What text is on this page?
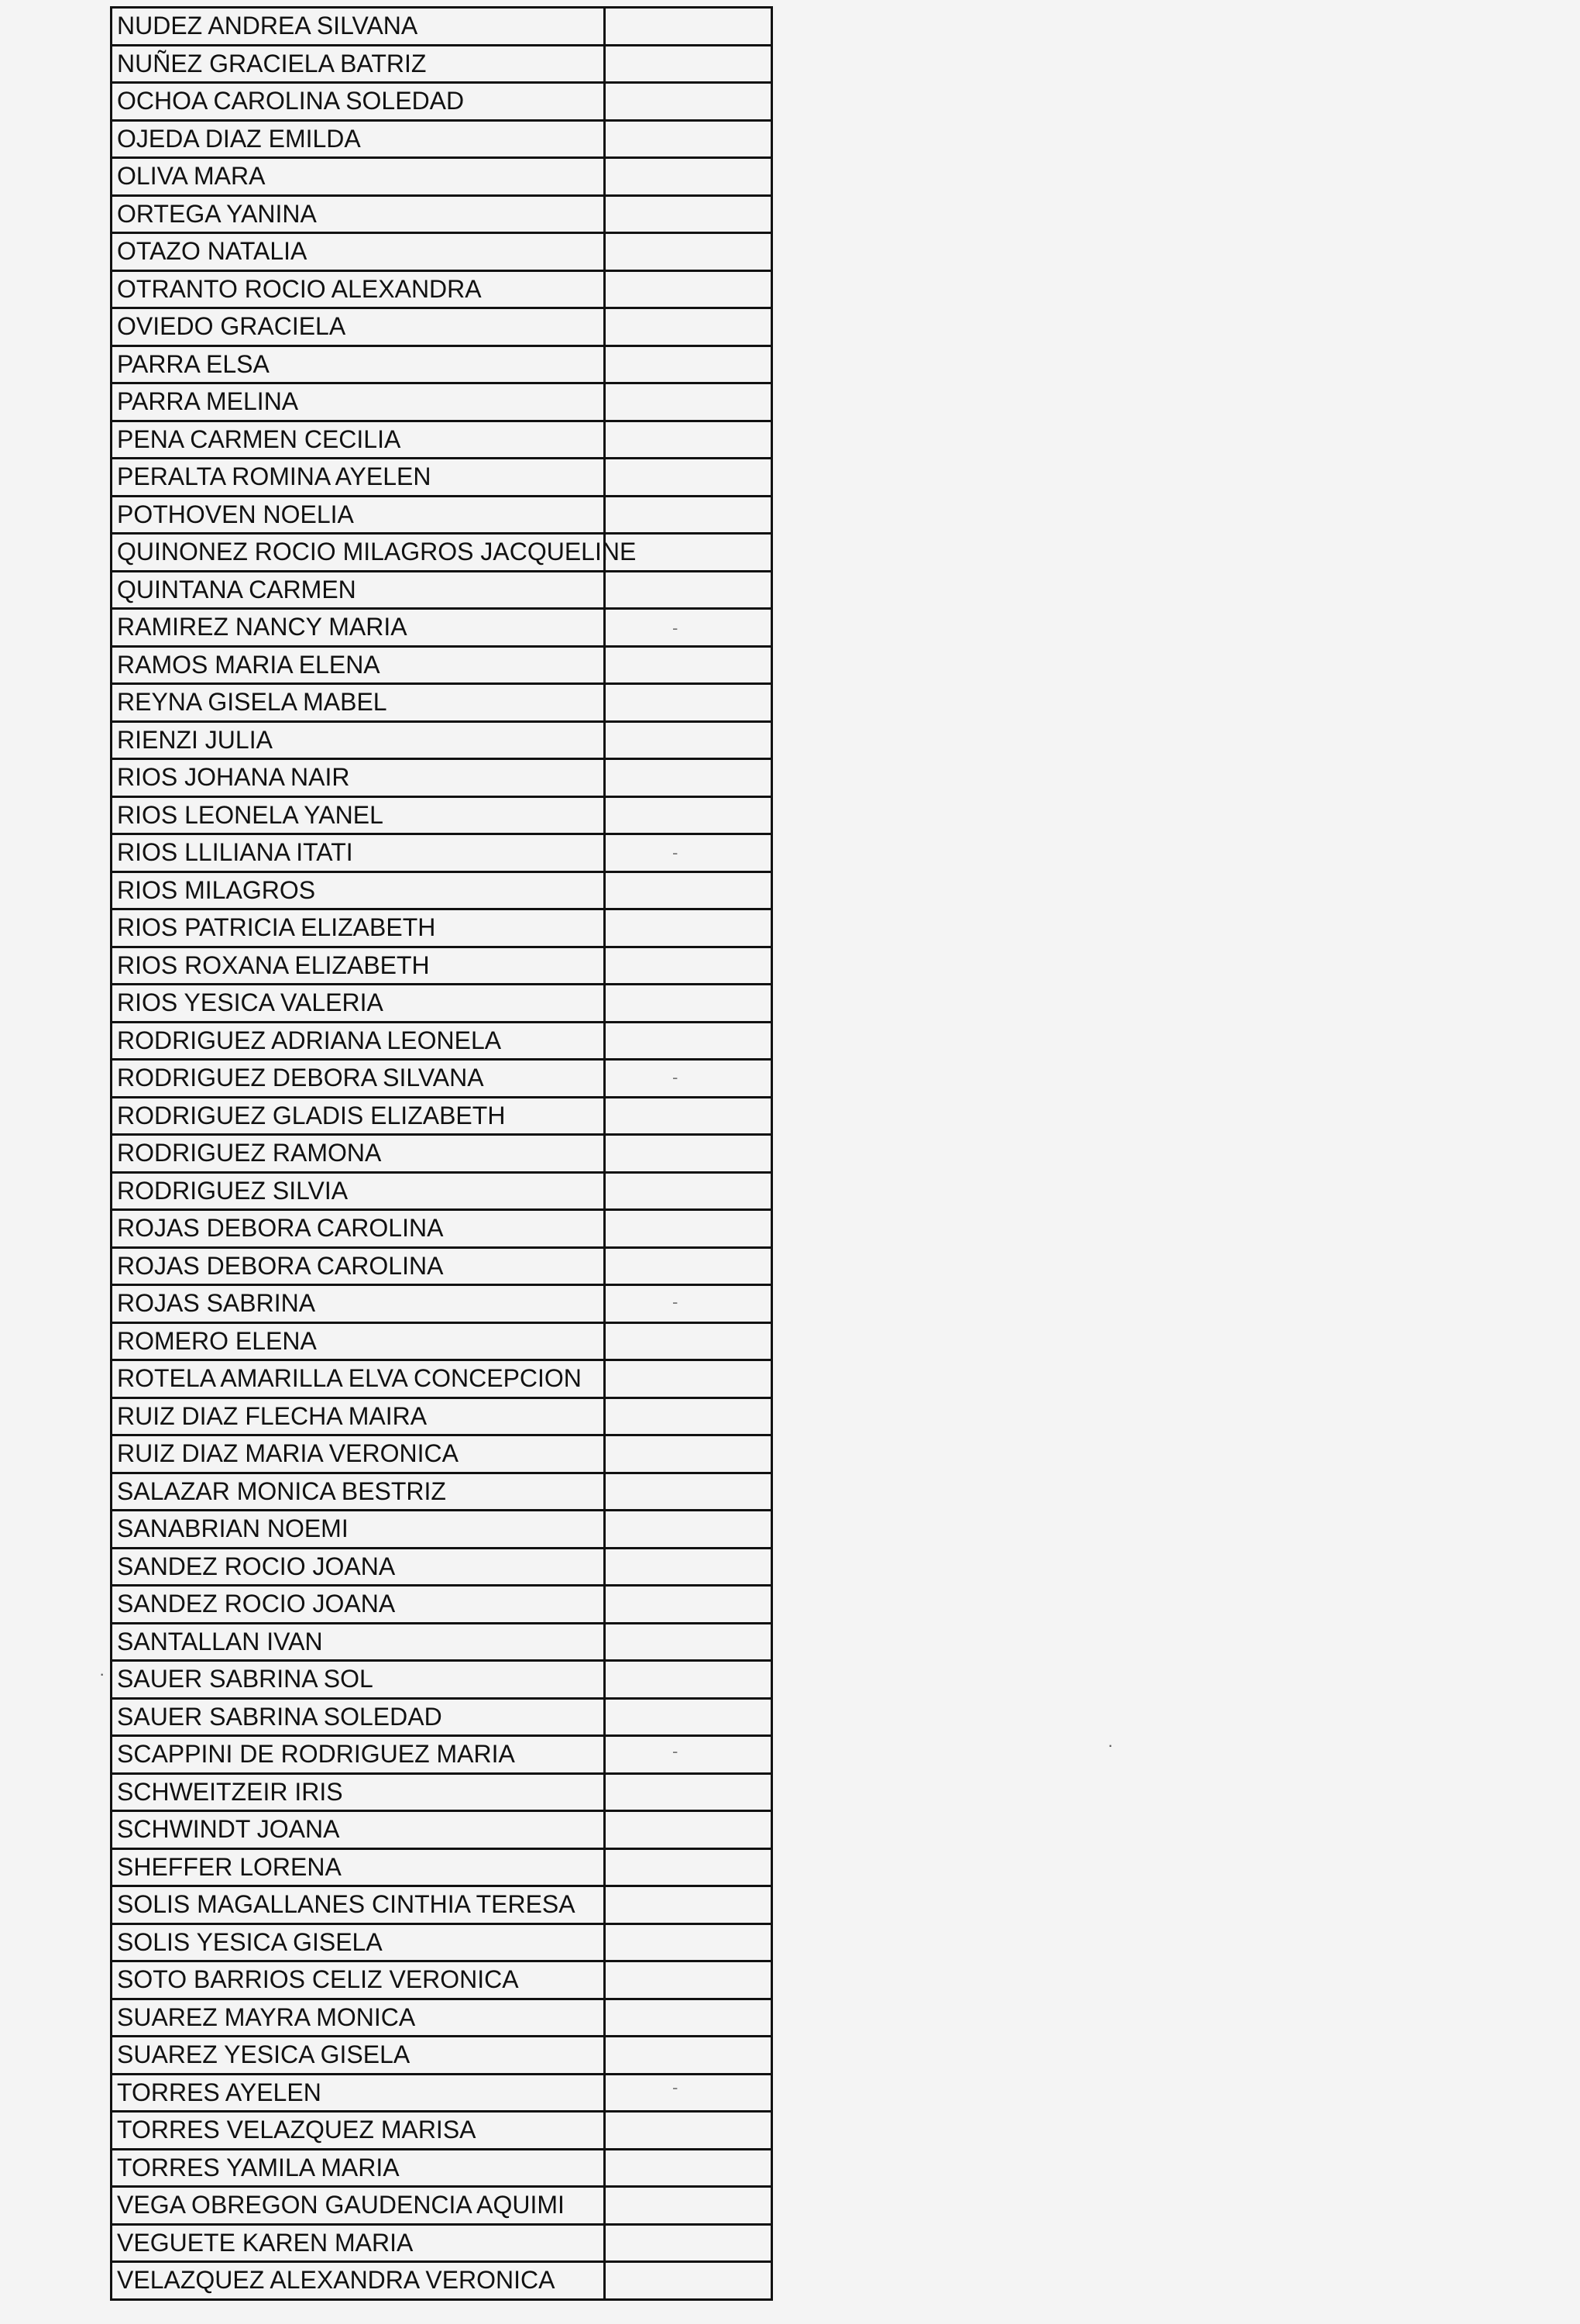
NUDEZ ANDREA SILVANA
NUÑEZ GRACIELA BATRIZ
OCHOA CAROLINA SOLEDAD
OJEDA DIAZ EMILDA
OLIVA MARA
ORTEGA YANINA
OTAZO NATALIA
OTRANTO ROCIO ALEXANDRA
OVIEDO GRACIELA
PARRA ELSA
PARRA MELINA
PENA CARMEN CECILIA
PERALTA ROMINA AYELEN
POTHOVEN NOELIA
QUINONEZ ROCIO MILAGROS JACQUELINE
QUINTANA CARMEN
RAMIREZ NANCY MARIA
RAMOS MARIA ELENA
REYNA GISELA MABEL
RIENZI JULIA
RIOS JOHANA NAIR
RIOS LEONELA YANEL
RIOS LLILIANA ITATI
RIOS MILAGROS
RIOS PATRICIA ELIZABETH
RIOS ROXANA ELIZABETH
RIOS YESICA VALERIA
RODRIGUEZ ADRIANA LEONELA
RODRIGUEZ DEBORA SILVANA
RODRIGUEZ GLADIS ELIZABETH
RODRIGUEZ RAMONA
RODRIGUEZ SILVIA
ROJAS DEBORA CAROLINA
ROJAS DEBORA CAROLINA
ROJAS SABRINA
ROMERO ELENA
ROTELA AMARILLA ELVA CONCEPCION
RUIZ DIAZ FLECHA MAIRA
RUIZ DIAZ MARIA VERONICA
SALAZAR MONICA BESTRIZ
SANABRIAN NOEMI
SANDEZ ROCIO JOANA
SANDEZ ROCIO JOANA
SANTALLAN IVAN
SAUER SABRINA SOL
SAUER SABRINA SOLEDAD
SCAPPINI DE RODRIGUEZ MARIA
SCHWEITZEIR IRIS
SCHWINDT JOANA
SHEFFER LORENA
SOLIS MAGALLANES CINTHIA TERESA
SOLIS YESICA GISELA
SOTO BARRIOS CELIZ VERONICA
SUAREZ MAYRA MONICA
SUAREZ YESICA GISELA
TORRES AYELEN
TORRES VELAZQUEZ MARISA
TORRES YAMILA MARIA
VEGA OBREGON GAUDENCIA AQUIMI
VEGUETE KAREN MARIA
VELAZQUEZ ALEXANDRA VERONICA
-
-
-
-
-
-
·
·
